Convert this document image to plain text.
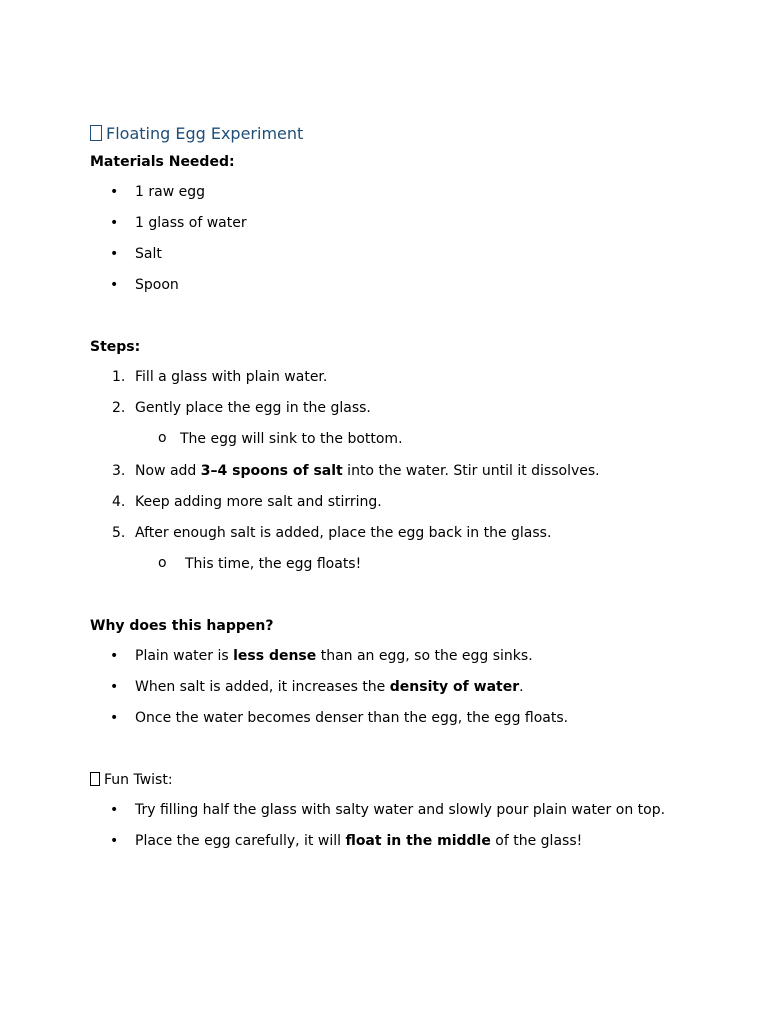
Floating Egg Experiment

Materials Needed:

• 1 raw egg
• 1 glass of water
• Salt
• Spoon

Steps:

1. Fill a glass with plain water.
2. Gently place the egg in the glass.
o The egg will sink to the bottom.
3. Now add 3–4 spoons of salt into the water. Stir until it dissolves.
4. Keep adding more salt and stirring.
5. After enough salt is added, place the egg back in the glass.
o This time, the egg floats!

Why does this happen?

• Plain water is less dense than an egg, so the egg sinks.
• When salt is added, it increases the density of water.
• Once the water becomes denser than the egg, the egg floats.

Fun Twist:

• Try filling half the glass with salty water and slowly pour plain water on top.
• Place the egg carefully, it will float in the middle of the glass!
